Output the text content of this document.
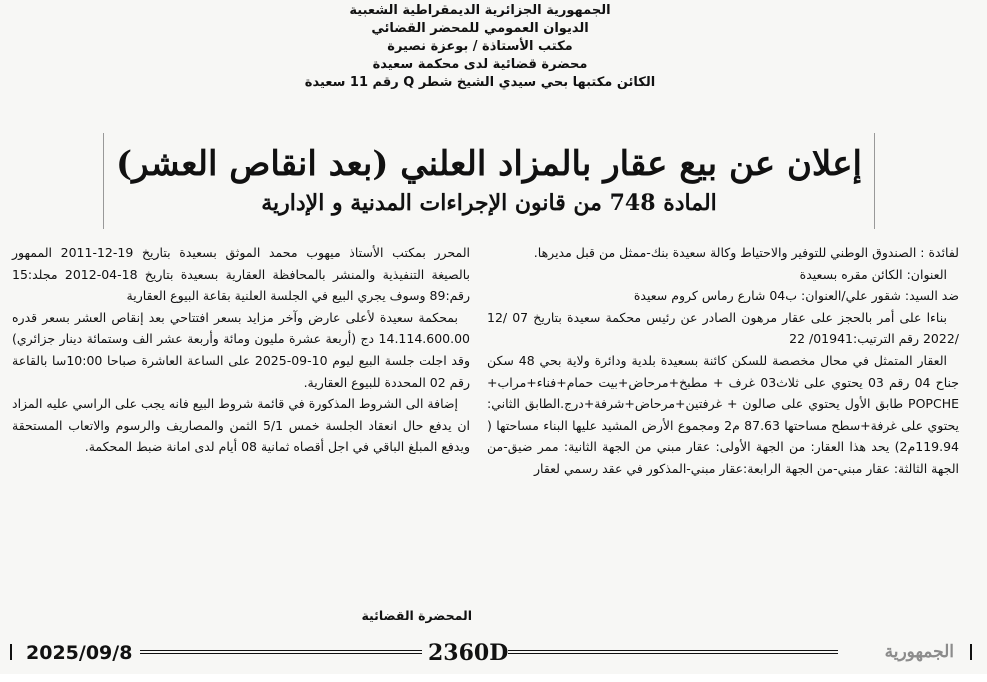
الجمهورية الجزائرية الديمقراطية الشعبية
الديوان العمومي للمحضر القضائي
مكتب الأستاذة / بوعزة نصيرة
محضرة قضائية لدى محكمة سعيدة
الكائن مكتبها بحي سيدي الشيخ شطر Q رقم 11 سعيدة
إعلان عن بيع عقار بالمزاد العلني (بعد انقاص العشر)
المادة 748 من قانون الإجراءات المدنية و الإدارية

لفائدة : الصندوق الوطني للتوفير والاحتياط وكالة سعيدة بنك-ممثل من قبل مديرها.

العنوان: الكائن مقره بسعيدة

ضد السيد: شقور علي/العنوان: ب04 شارع رماس كروم سعيدة

بناءا على أمر بالحجز على عقار مرهون الصادر عن رئيس محكمة سعيدة بتاريخ 07 /12 /2022 رقم الترتيب:01941/ 22

العقار المتمثل في محال مخصصة للسكن كائنة بسعيدة بلدية ودائرة ولاية بحي 48 سكن جناح 04 رقم 03 يحتوي على ثلاث03 غرف + مطبخ+مرحاض+بيت حمام+فناء+مراب+ POPCHE طابق الأول يحتوي على صالون + غرفتين+مرحاض+شرفة+درج.الطابق الثاني: يحتوي على غرفة+سطح مساحتها 87.63 م2 ومجموع الأرض المشيد عليها البناء مساحتها ( 119.94م2) يحد هذا العقار: من الجهة الأولى: عقار مبني من الجهة الثانية: ممر ضيق-من الجهة الثالثة: عقار مبني-من الجهة الرابعة:عقار مبني-المذكور في عقد رسمي لعقار

المحرر بمكتب الأستاذ ميهوب محمد الموثق بسعيدة بتاريخ 19-12-2011 الممهور بالصيغة التنفيذية والمنشر بالمحافظة العقارية بسعيدة بتاريخ 18-04-2012 مجلد:15 رقم:89 وسوف يجري البيع في الجلسة العلنية بقاعة البيوع العقارية

بمحكمة سعيدة لأعلى عارض وآخر مزايد بسعر افتتاحي بعد إنقاص العشر بسعر قدره 14.114.600.00 دج (أربعة عشرة مليون ومائة وأربعة عشر الف وستمائة دينار جزائري) وقد اجلت جلسة البيع ليوم 10-09-2025 على الساعة العاشرة صباحا 10:00سا بالقاعة رقم 02 المحددة للبيوع العقارية.

إضافة الى الشروط المذكورة في قائمة شروط البيع فانه يجب على الراسي عليه المزاد ان يدفع حال انعقاد الجلسة خمس 5/1 الثمن والمصاريف والرسوم والاتعاب المستحقة ويدفع المبلغ الباقي في اجل أقصاه ثمانية 08 أيام لدى امانة ضبط المحكمة.

المحضرة القضائية
2025/09/8	2360D	الجمهورية
